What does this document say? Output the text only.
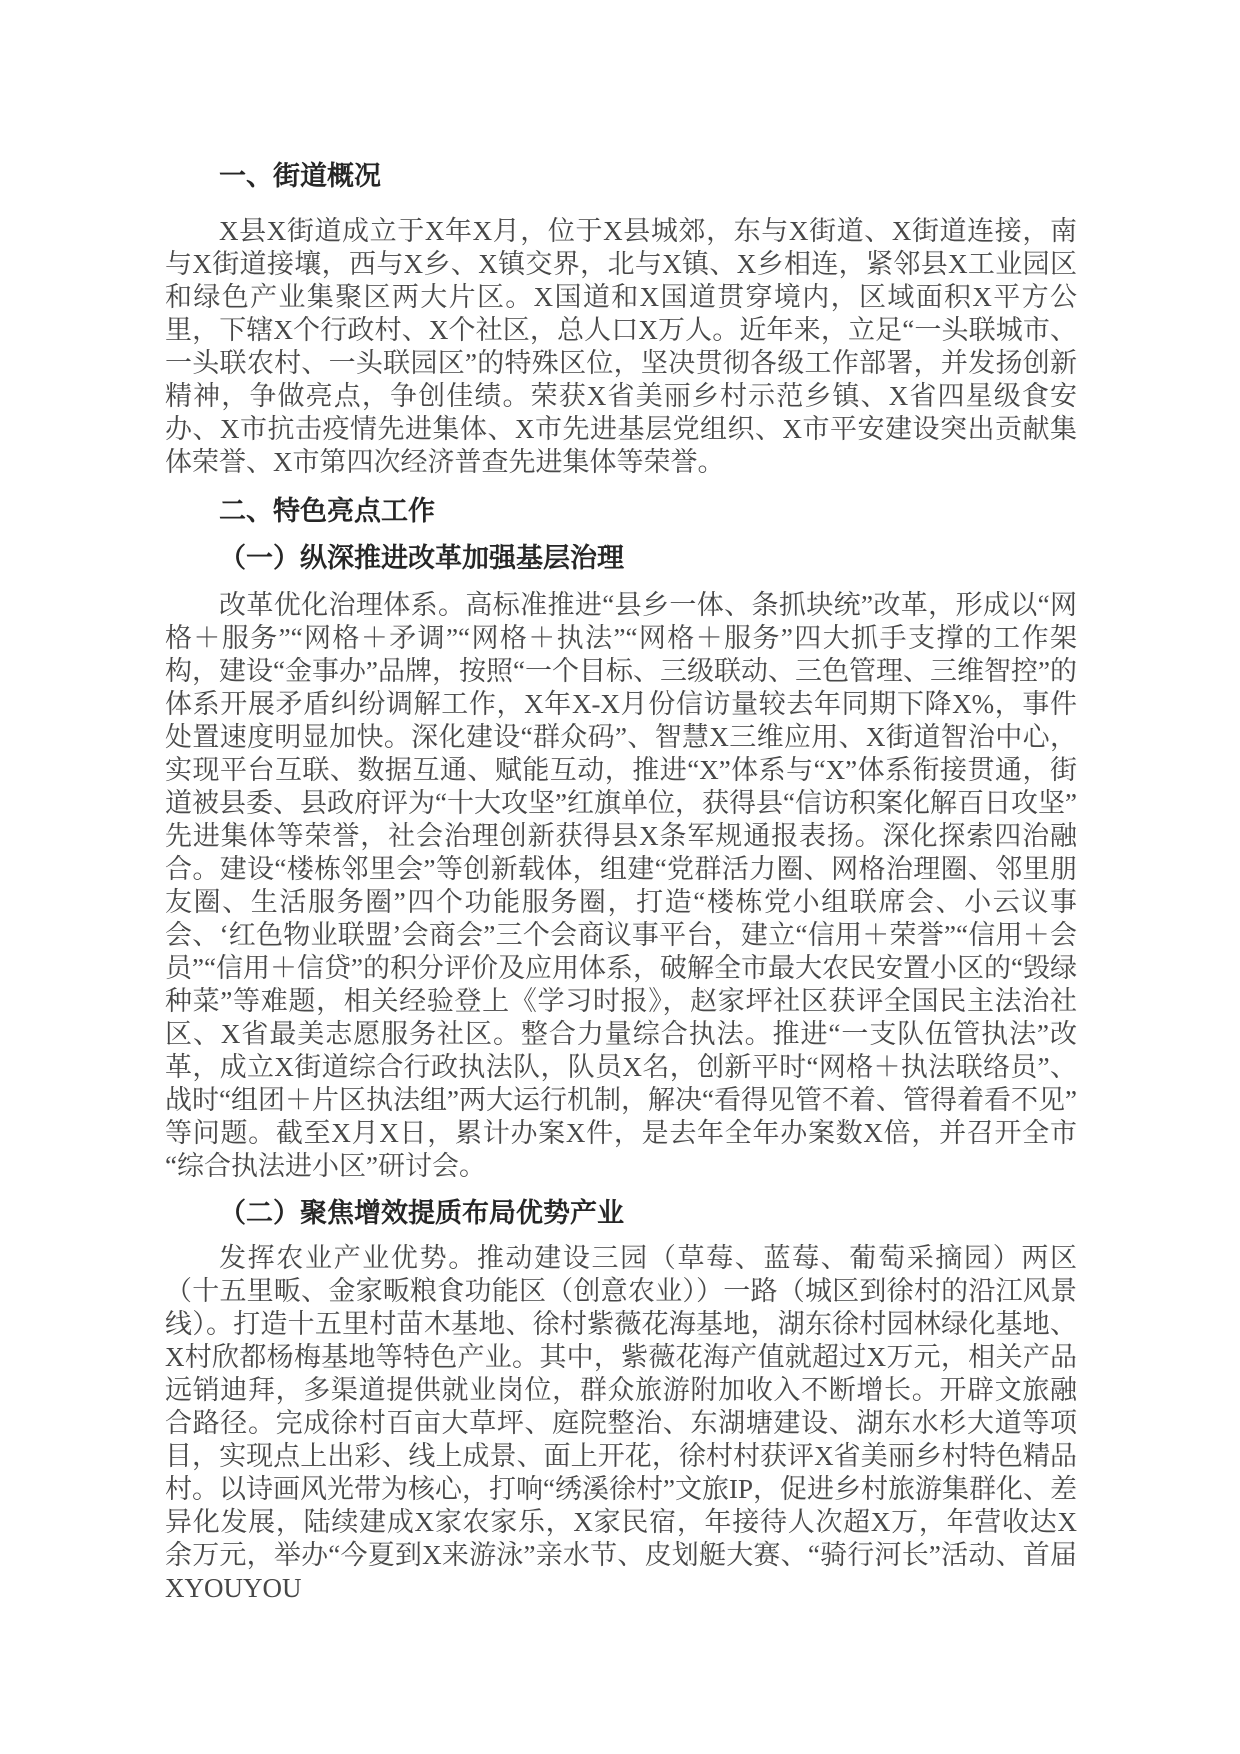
一、街道概况

X县X街道成立于X年X月，位于X县城郊，东与X街道、X街道连接，南与X街道接壤，西与X乡、X镇交界，北与X镇、X乡相连，紧邻县X工业园区和绿色产业集聚区两大片区。X国道和X国道贯穿境内，区域面积X平方公里，下辖X个行政村、X个社区，总人口X万人。近年来，立足“一头联城市、一头联农村、一头联园区”的特殊区位，坚决贯彻各级工作部署，并发扬创新精神，争做亮点，争创佳绩。荣获X省美丽乡村示范乡镇、X省四星级食安办、X市抗击疫情先进集体、X市先进基层党组织、X市平安建设突出贡献集体荣誉、X市第四次经济普查先进集体等荣誉。

二、特色亮点工作
（一）纵深推进改革加强基层治理

改革优化治理体系。高标准推进“县乡一体、条抓块统”改革，形成以“网格＋服务”“网格＋矛调”“网格＋执法”“网格＋服务”四大抓手支撑的工作架构，建设“金事办”品牌，按照“一个目标、三级联动、三色管理、三维智控”的体系开展矛盾纠纷调解工作，X年X-X月份信访量较去年同期下降X%，事件处置速度明显加快。深化建设“群众码”、智慧X三维应用、X街道智治中心，实现平台互联、数据互通、赋能互动，推进“X”体系与“X”体系衔接贯通，街道被县委、县政府评为“十大攻坚”红旗单位，获得县“信访积案化解百日攻坚”先进集体等荣誉，社会治理创新获得县X条军规通报表扬。深化探索四治融合。建设“楼栋邻里会”等创新载体，组建“党群活力圈、网格治理圈、邻里朋友圈、生活服务圈”四个功能服务圈，打造“楼栋党小组联席会、小云议事会、‘红色物业联盟’会商会”三个会商议事平台，建立“信用＋荣誉”“信用＋会员”“信用＋信贷”的积分评价及应用体系，破解全市最大农民安置小区的“毁绿种菜”等难题，相关经验登上《学习时报》，赵家坪社区获评全国民主法治社区、X省最美志愿服务社区。整合力量综合执法。推进“一支队伍管执法”改革，成立X街道综合行政执法队，队员X名，创新平时“网格＋执法联络员”、战时“组团＋片区执法组”两大运行机制，解决“看得见管不着、管得着看不见”等问题。截至X月X日，累计办案X件，是去年全年办案数X倍，并召开全市“综合执法进小区”研讨会。

（二）聚焦增效提质布局优势产业

发挥农业产业优势。推动建设三园（草莓、蓝莓、葡萄采摘园）两区（十五里畈、金家畈粮食功能区（创意农业））一路（城区到徐村的沿江风景线）。打造十五里村苗木基地、徐村紫薇花海基地，湖东徐村园林绿化基地、X村欣都杨梅基地等特色产业。其中，紫薇花海产值就超过X万元，相关产品远销迪拜，多渠道提供就业岗位，群众旅游附加收入不断增长。开辟文旅融合路径。完成徐村百亩大草坪、庭院整治、东湖塘建设、湖东水杉大道等项目，实现点上出彩、线上成景、面上开花，徐村村获评X省美丽乡村特色精品村。以诗画风光带为核心，打响“绣溪徐村”文旅IP，促进乡村旅游集群化、差异化发展，陆续建成X家农家乐，X家民宿，年接待人次超X万，年营收达X余万元，举办“今夏到X来游泳”亲水节、皮划艇大赛、“骑行河长”活动、首届XYOUYOU
